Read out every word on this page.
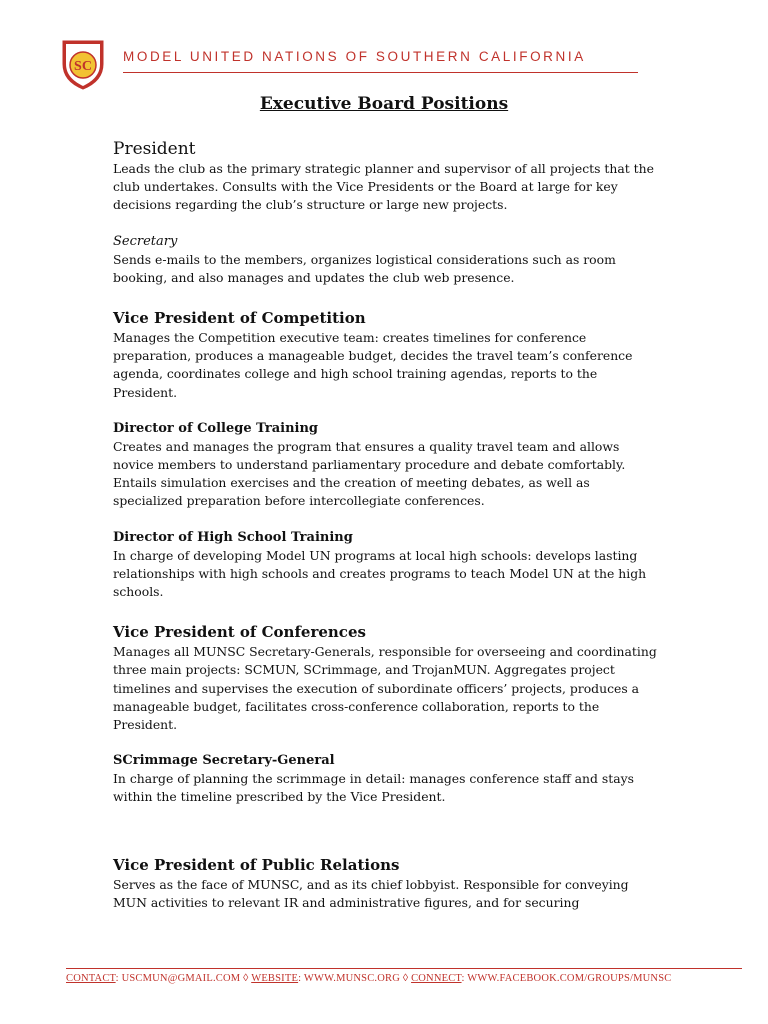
SC
MODEL UNITED NATIONS OF SOUTHERN CALIFORNIA
Executive Board Positions
President

Leads the club as the primary strategic planner and supervisor of all projects that the club undertakes. Consults with the Vice Presidents or the Board at large for key decisions regarding the club’s structure or large new projects.

Secretary

Sends e-mails to the members, organizes logistical considerations such as room booking, and also manages and updates the club web presence.

Vice President of Competition

Manages the Competition executive team: creates timelines for conference preparation, produces a manageable budget, decides the travel team’s conference agenda, coordinates college and high school training agendas, reports to the President.

Director of College Training

Creates and manages the program that ensures a quality travel team and allows novice members to understand parliamentary procedure and debate comfortably. Entails simulation exercises and the creation of meeting debates, as well as specialized preparation before intercollegiate conferences.

Director of High School Training

In charge of developing Model UN programs at local high schools: develops lasting relationships with high schools and creates programs to teach Model UN at the high schools.

Vice President of Conferences

Manages all MUNSC Secretary-Generals, responsible for overseeing and coordinating three main projects: SCMUN, SCrimmage, and TrojanMUN. Aggregates project timelines and supervises the execution of subordinate officers’ projects, produces a manageable budget, facilitates cross-conference collaboration, reports to the President.

SCrimmage Secretary-General

In charge of planning the scrimmage in detail: manages conference staff and stays within the timeline prescribed by the Vice President.

Vice President of Public Relations

Serves as the face of MUNSC, and as its chief lobbyist. Responsible for conveying MUN activities to relevant IR and administrative figures, and for securing

CONTACT: USCMUN@GMAIL.COM ◊ WEBSITE: WWW.MUNSC.ORG ◊ CONNECT: WWW.FACEBOOK.COM/GROUPS/MUNSC
